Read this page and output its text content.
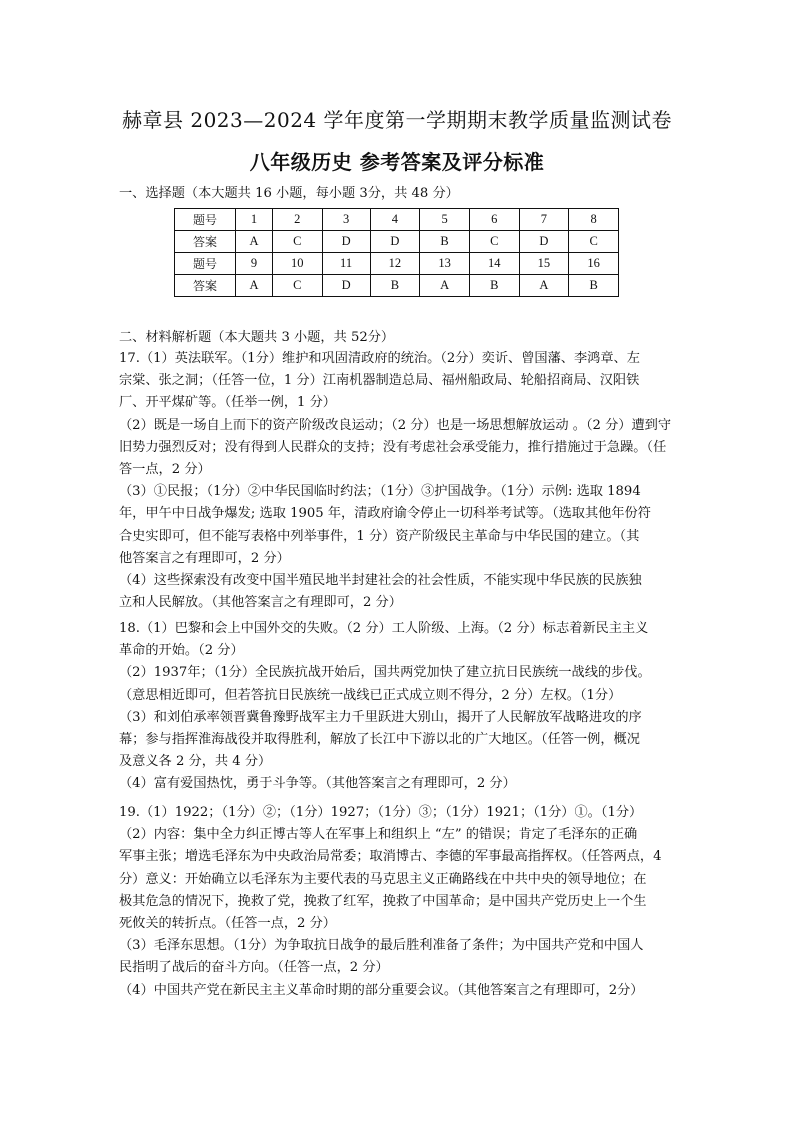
赫章县 2023—2024 学年度第一学期期末教学质量监测试卷
八年级历史 参考答案及评分标准
一、选择题（本大题共 16 小题，每小题 3分，共 48 分）
题号	1	2	3	4	5	6	7	8
答案	A	C	D	D	B	C	D	C
题号	9	10	11	12	13	14	15	16
答案	A	C	D	B	A	B	A	B
二、材料解析题（本大题共 3 小题，共 52分）

17.（1）英法联军。（1分）维护和巩固清政府的统治。（2分）奕䜣、曾国藩、李鸿章、左

宗棠、张之洞；（任答一位，1 分）江南机器制造总局、福州船政局、轮船招商局、汉阳铁

厂、开平煤矿等。（任举一例，1 分）

（2）既是一场自上而下的资产阶级改良运动；（2 分）也是一场思想解放运动 。（2 分）遭到守

旧势力强烈反对；没有得到人民群众的支持；没有考虑社会承受能力，推行措施过于急躁。（任

答一点，2 分）

（3）①民报；（1分）②中华民国临时约法；（1分）③护国战争。（1分）示例: 选取 1894

年，甲午中日战争爆发; 选取 1905 年，清政府谕令停止一切科举考试等。（选取其他年份符

合史实即可，但不能写表格中列举事件，1 分）资产阶级民主革命与中华民国的建立。（其

他答案言之有理即可，2 分）

（4）这些探索没有改变中国半殖民地半封建社会的社会性质，不能实现中华民族的民族独

立和人民解放。（其他答案言之有理即可，2 分）

18.（1）巴黎和会上中国外交的失败。（2 分）工人阶级、上海。（2 分）标志着新民主主义

革命的开始。（2 分）

（2）1937年；（1分）全民族抗战开始后，国共两党加快了建立抗日民族统一战线的步伐。

（意思相近即可，但若答抗日民族统一战线已正式成立则不得分，2 分）左权。（1分）

（3）和刘伯承率领晋冀鲁豫野战军主力千里跃进大别山，揭开了人民解放军战略进攻的序

幕；参与指挥淮海战役并取得胜利，解放了长江中下游以北的广大地区。（任答一例，概况

及意义各 2 分，共 4 分）

（4）富有爱国热忱，勇于斗争等。（其他答案言之有理即可，2 分）

19.（1）1922；（1分）②；（1分）1927；（1分）③；（1分）1921；（1分）①。（1分）

（2）内容：集中全力纠正博古等人在军事上和组织上 “左” 的错误；肯定了毛泽东的正确

军事主张；增选毛泽东为中央政治局常委；取消博古、李德的军事最高指挥权。（任答两点，4

分）意义：开始确立以毛泽东为主要代表的马克思主义正确路线在中共中央的领导地位；在

极其危急的情况下，挽救了党，挽救了红军，挽救了中国革命；是中国共产党历史上一个生

死攸关的转折点。（任答一点，2 分）

（3）毛泽东思想。（1分）为争取抗日战争的最后胜利准备了条件；为中国共产党和中国人

民指明了战后的奋斗方向。（任答一点，2 分）

（4）中国共产党在新民主主义革命时期的部分重要会议。（其他答案言之有理即可，2分）
